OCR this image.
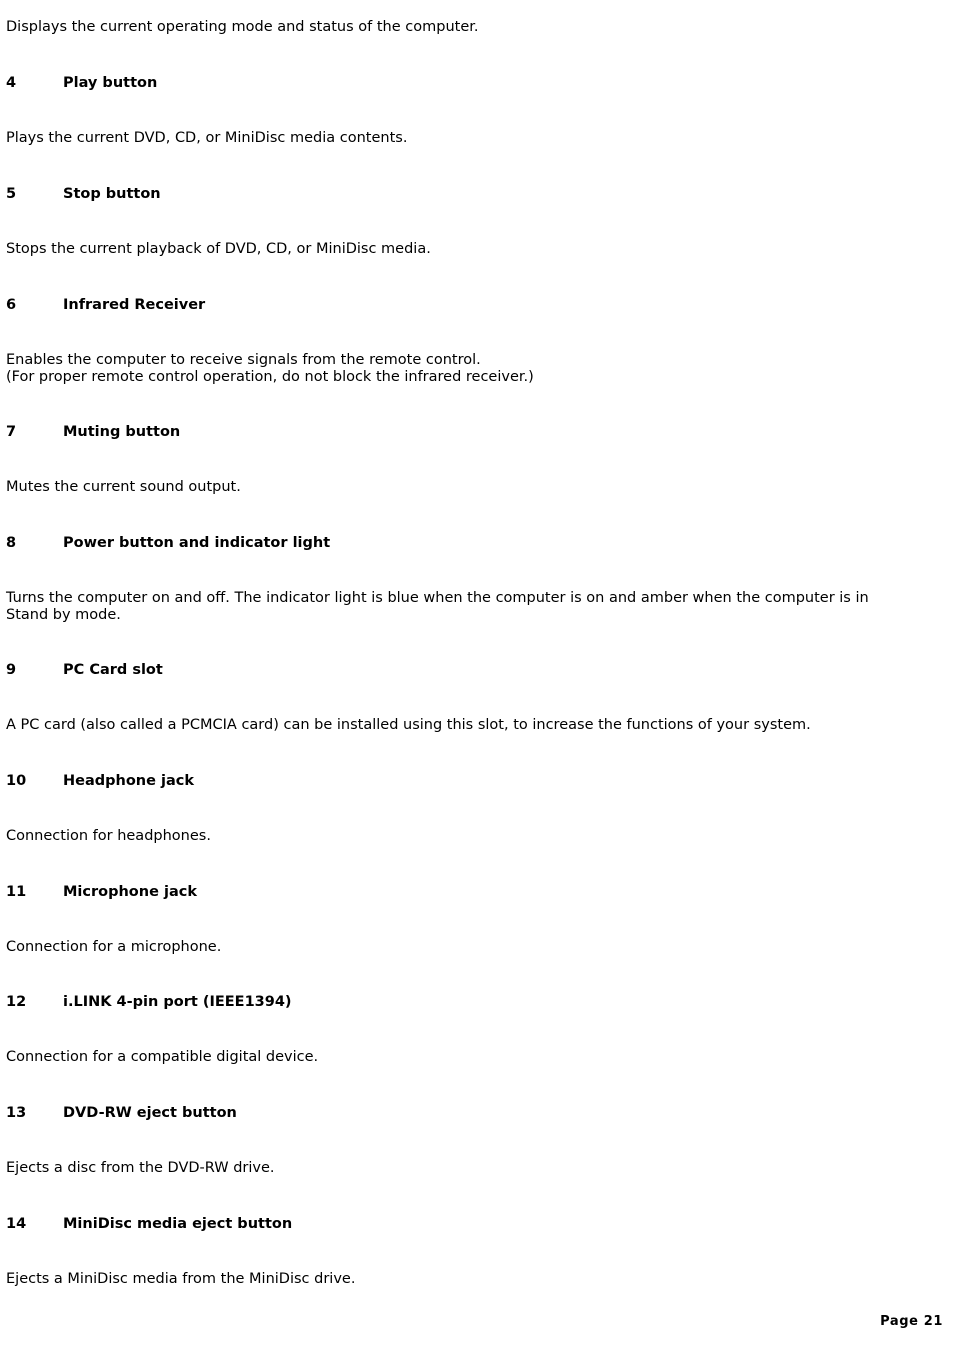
Displays the current operating mode and status of the computer.

4	Play button

Plays the current DVD, CD, or MiniDisc media contents.

5	Stop button

Stops the current playback of DVD, CD, or MiniDisc media.

6	Infrared Receiver

Enables the computer to receive signals from the remote control.
(For proper remote control operation, do not block the infrared receiver.)

7	Muting button

Mutes the current sound output.

8	Power button and indicator light

Turns the computer on and off. The indicator light is blue when the computer is on and amber when the computer is in
Stand by mode.

9	PC Card slot

A PC card (also called a PCMCIA card) can be installed using this slot, to increase the functions of your system.

10	Headphone jack

Connection for headphones.

11	Microphone jack

Connection for a microphone.

12	i.LINK 4-pin port (IEEE1394)

Connection for a compatible digital device.

13	DVD-RW eject button

Ejects a disc from the DVD-RW drive.

14	MiniDisc media eject button

Ejects a MiniDisc media from the MiniDisc drive.

Page 21
